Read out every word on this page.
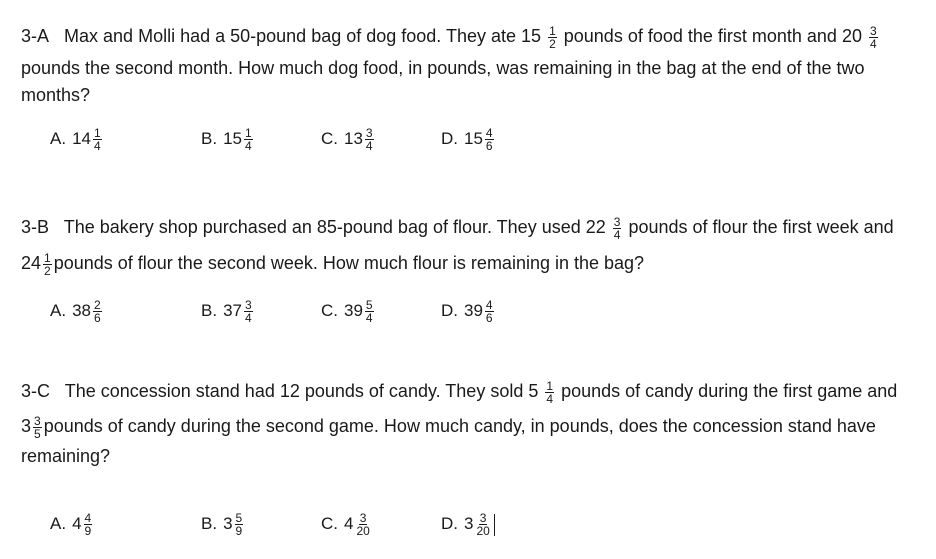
3-A Max and Molli had a 50-pound bag of dog food. They ate $15 \frac{1}{2}$ pounds of food the first month and $20 \frac{3}{4}$
pounds the second month. How much dog food, in pounds, was remaining in the bag at the end of the two
months?
A. $14 \frac{1}{4}$	B. $15 \frac{1}{4}$	C. $13 \frac{3}{4}$	D. $15 \frac{4}{6}$
3-B The bakery shop purchased an 85-pound bag of flour. They used $22 \frac{3}{4}$ pounds of flour the first week and
$24 \frac{1}{2}$ pounds of flour the second week. How much flour is remaining in the bag?
A. $38 \frac{2}{6}$	B. $37 \frac{3}{4}$	C. $39 \frac{5}{4}$	D. $39 \frac{4}{6}$
3-C The concession stand had 12 pounds of candy. They sold $5 \frac{1}{4}$ pounds of candy during the first game and
$3 \frac{3}{5}$ pounds of candy during the second game. How much candy, in pounds, does the concession stand have
remaining?
A. $4 \frac{4}{9}$	B. $3 \frac{5}{9}$	C. $4 \frac{3}{20}$	D. $3 \frac{3}{20}$
